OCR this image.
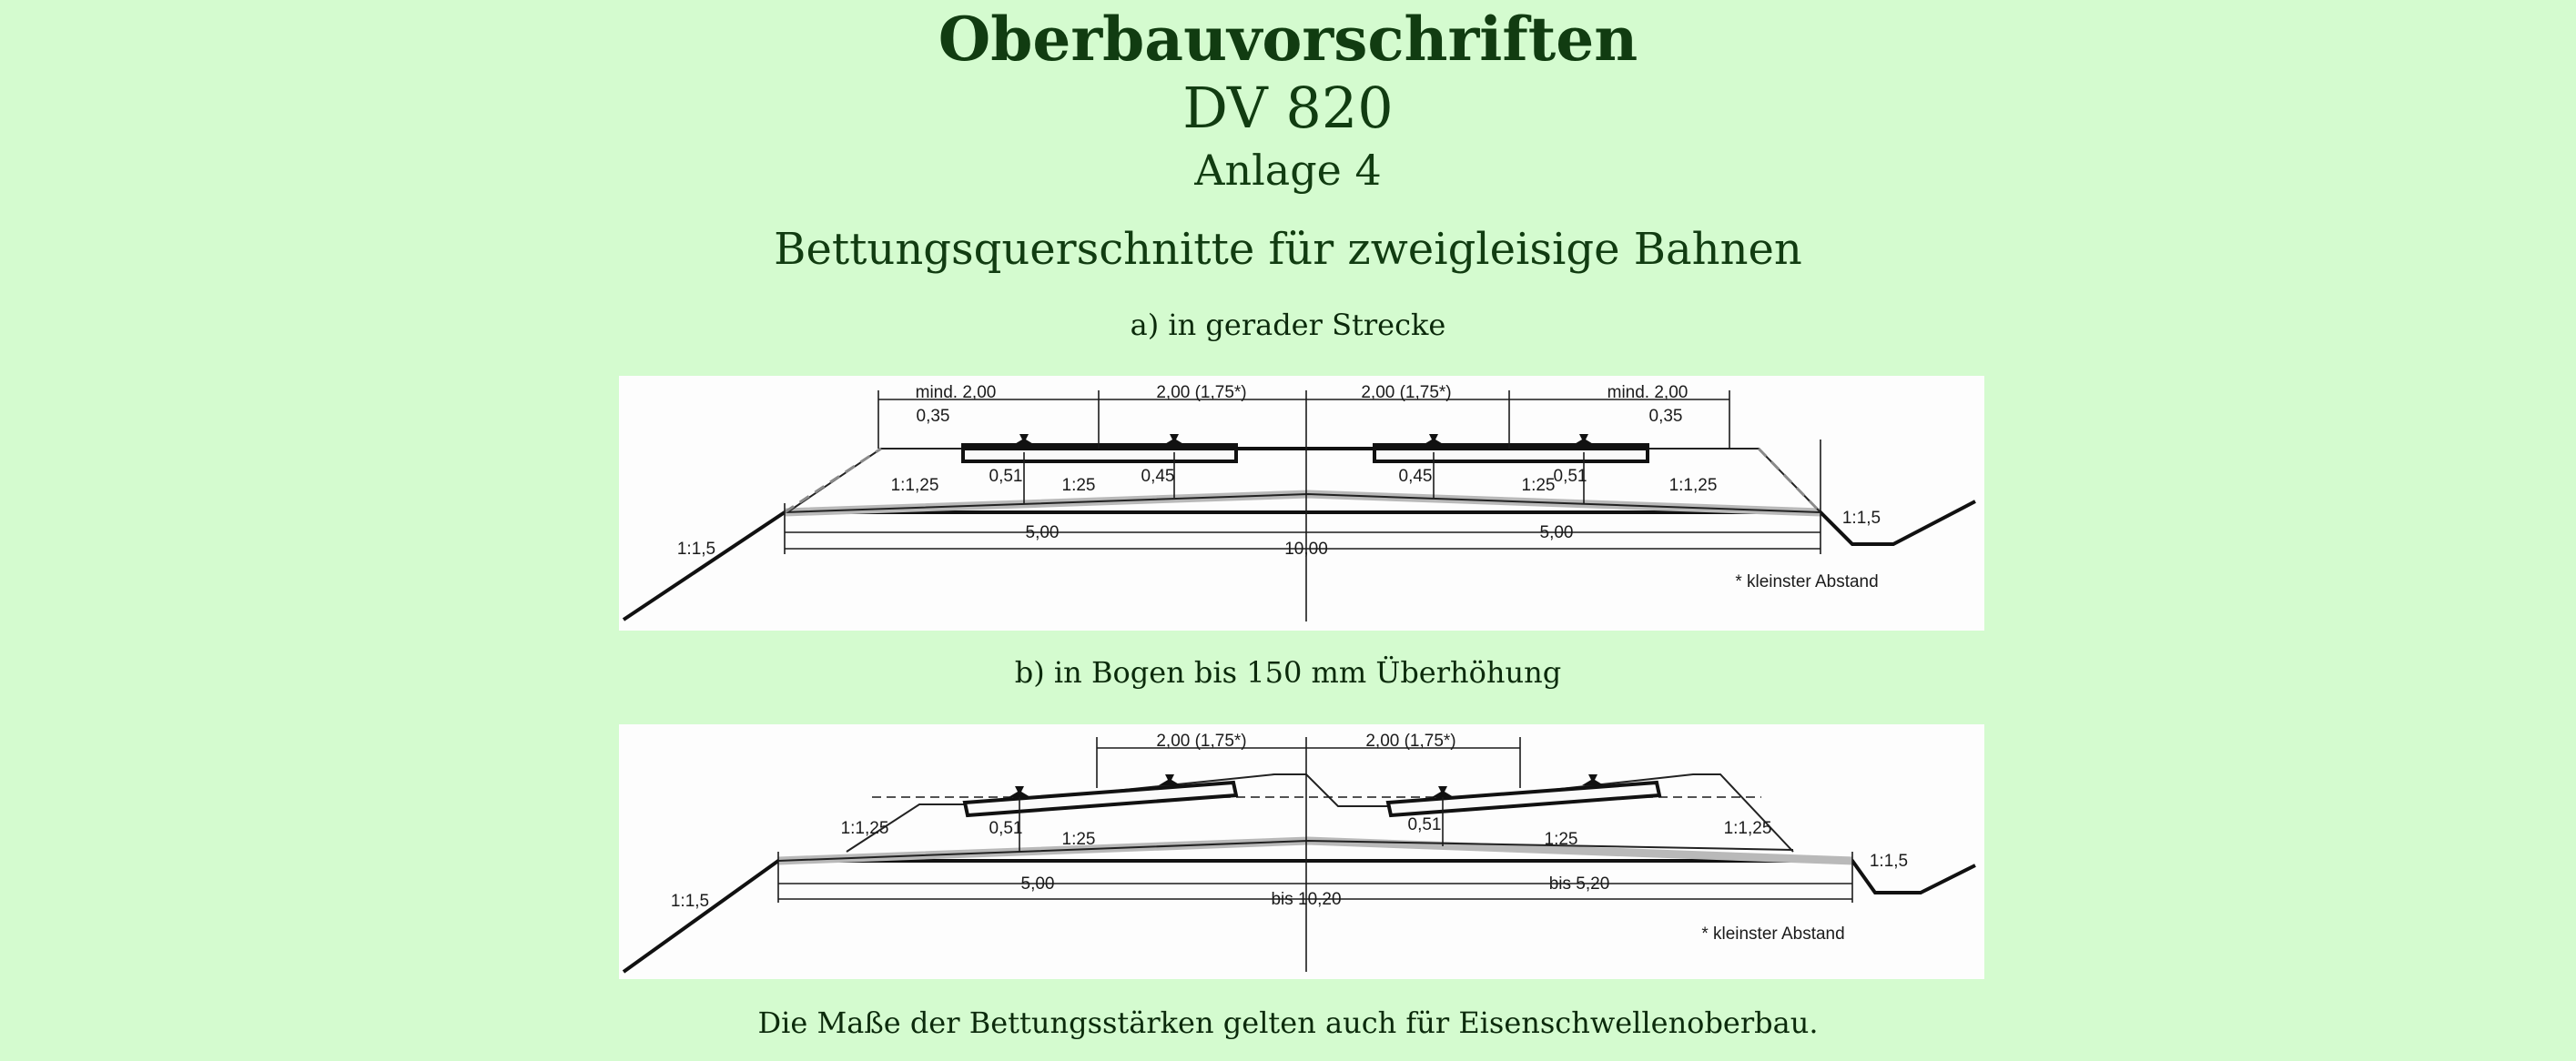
Oberbauvorschriften
DV 820
Anlage 4
Bettungsquerschnitte für zweigleisige Bahnen
a) in gerader Strecke
mind. 2,00	2,00 (1,75*)	2,00 (1,75*)	mind. 2,00
0,35	0,35
0,51	0,45	0,45	0,51
1:1,25	1:1,25
1:25	1:25
1:1,5
1:1,5
5,00	5,00
10,00
* kleinster Abstand
b) in Bogen bis 150 mm Überhöhung
2,00 (1,75*)	2,00 (1,75*)
0,51	0,51
1:1,25	1:1,25
1:25	1:25
1:1,5
1:1,5
5,00
bis 10,20
bis 5,20
* kleinster Abstand
Die Maße der Bettungsstärken gelten auch für Eisenschwellenoberbau.
